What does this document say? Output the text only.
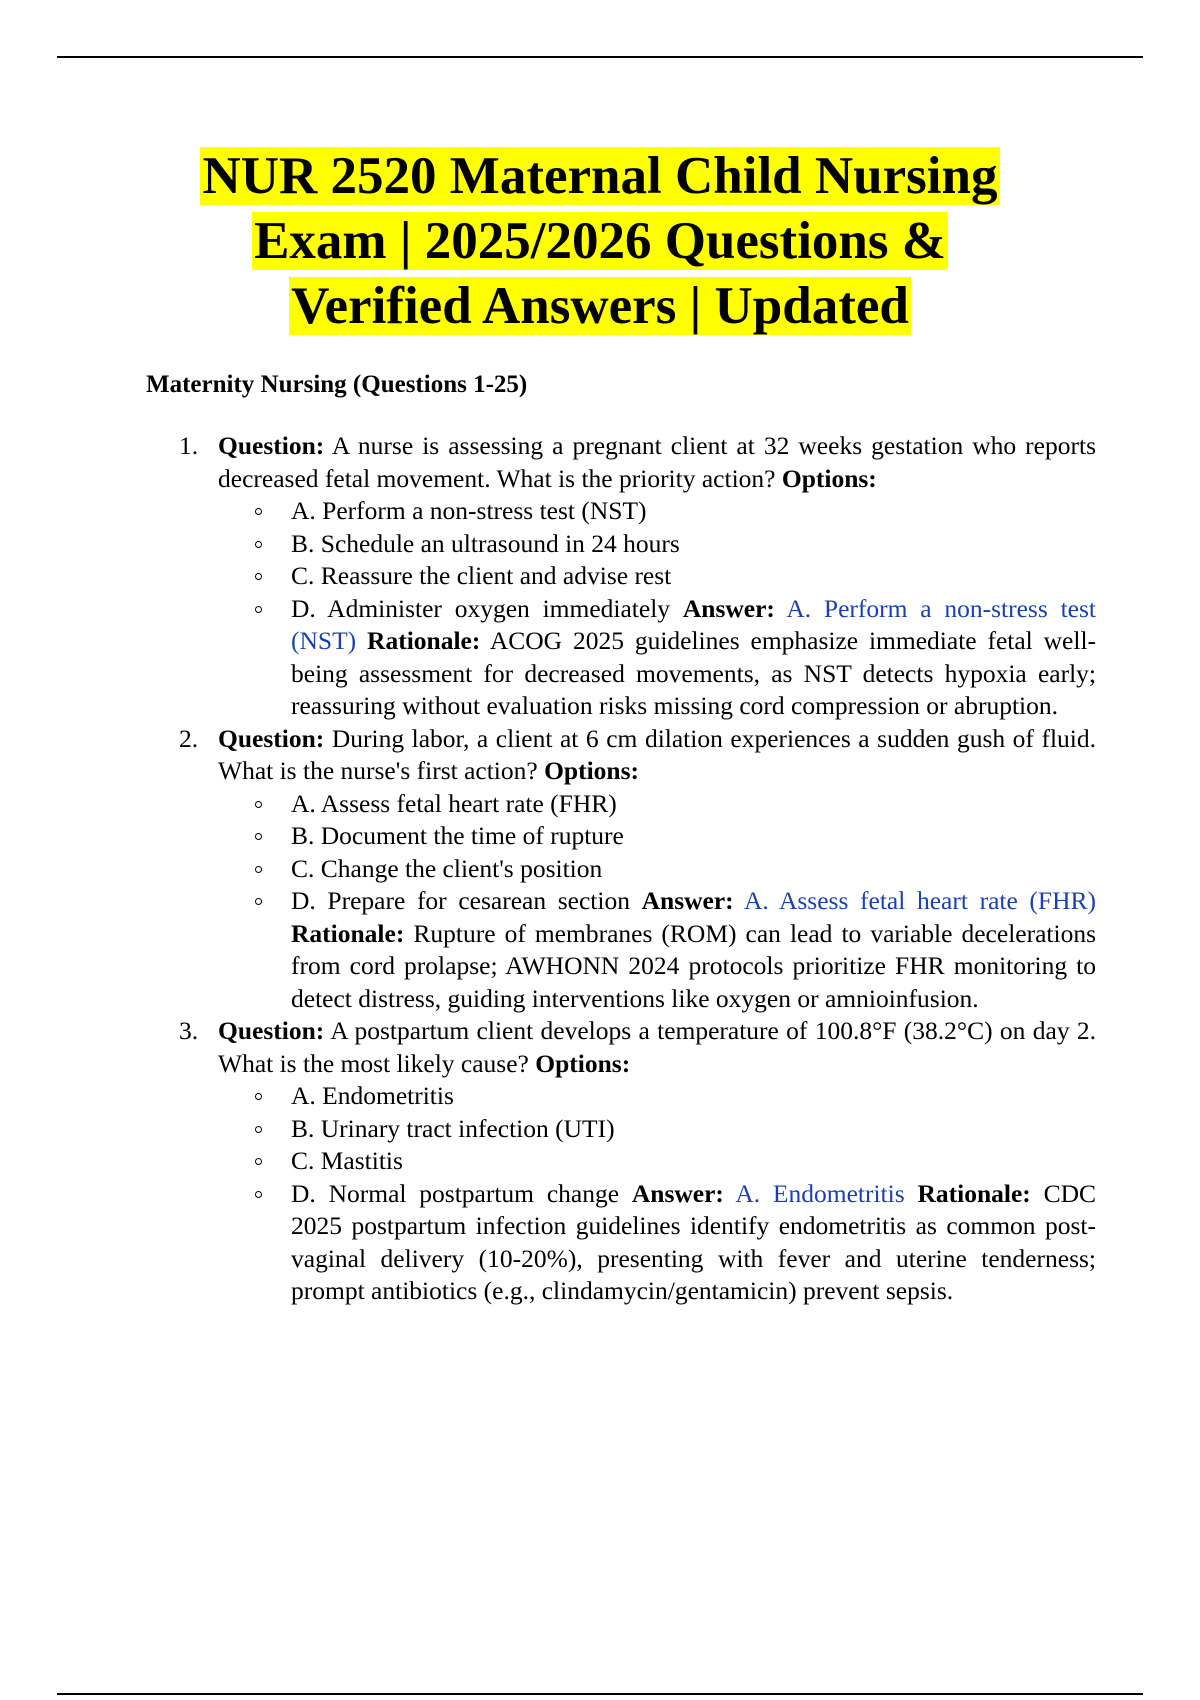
NUR 2520 Maternal Child Nursing
Exam | 2025/2026 Questions &
Verified Answers | Updated
Maternity Nursing (Questions 1-25)
1. Question: A nurse is assessing a pregnant client at 32 weeks gestation who reports decreased fetal movement. What is the priority action? Options:
A. Perform a non-stress test (NST)
B. Schedule an ultrasound in 24 hours
C. Reassure the client and advise rest
D. Administer oxygen immediately Answer: A. Perform a non-stress test (NST) Rationale: ACOG 2025 guidelines emphasize immediate fetal well-being assessment for decreased movements, as NST detects hypoxia early; reassuring without evaluation risks missing cord compression or abruption.
2. Question: During labor, a client at 6 cm dilation experiences a sudden gush of fluid. What is the nurse's first action? Options:
A. Assess fetal heart rate (FHR)
B. Document the time of rupture
C. Change the client's position
D. Prepare for cesarean section Answer: A. Assess fetal heart rate (FHR) Rationale: Rupture of membranes (ROM) can lead to variable decelerations from cord prolapse; AWHONN 2024 protocols prioritize FHR monitoring to detect distress, guiding interventions like oxygen or amnioinfusion.
3. Question: A postpartum client develops a temperature of 100.8°F (38.2°C) on day 2. What is the most likely cause? Options:
A. Endometritis
B. Urinary tract infection (UTI)
C. Mastitis
D. Normal postpartum change Answer: A. Endometritis Rationale: CDC 2025 postpartum infection guidelines identify endometritis as common post-vaginal delivery (10-20%), presenting with fever and uterine tenderness; prompt antibiotics (e.g., clindamycin/gentamicin) prevent sepsis.
